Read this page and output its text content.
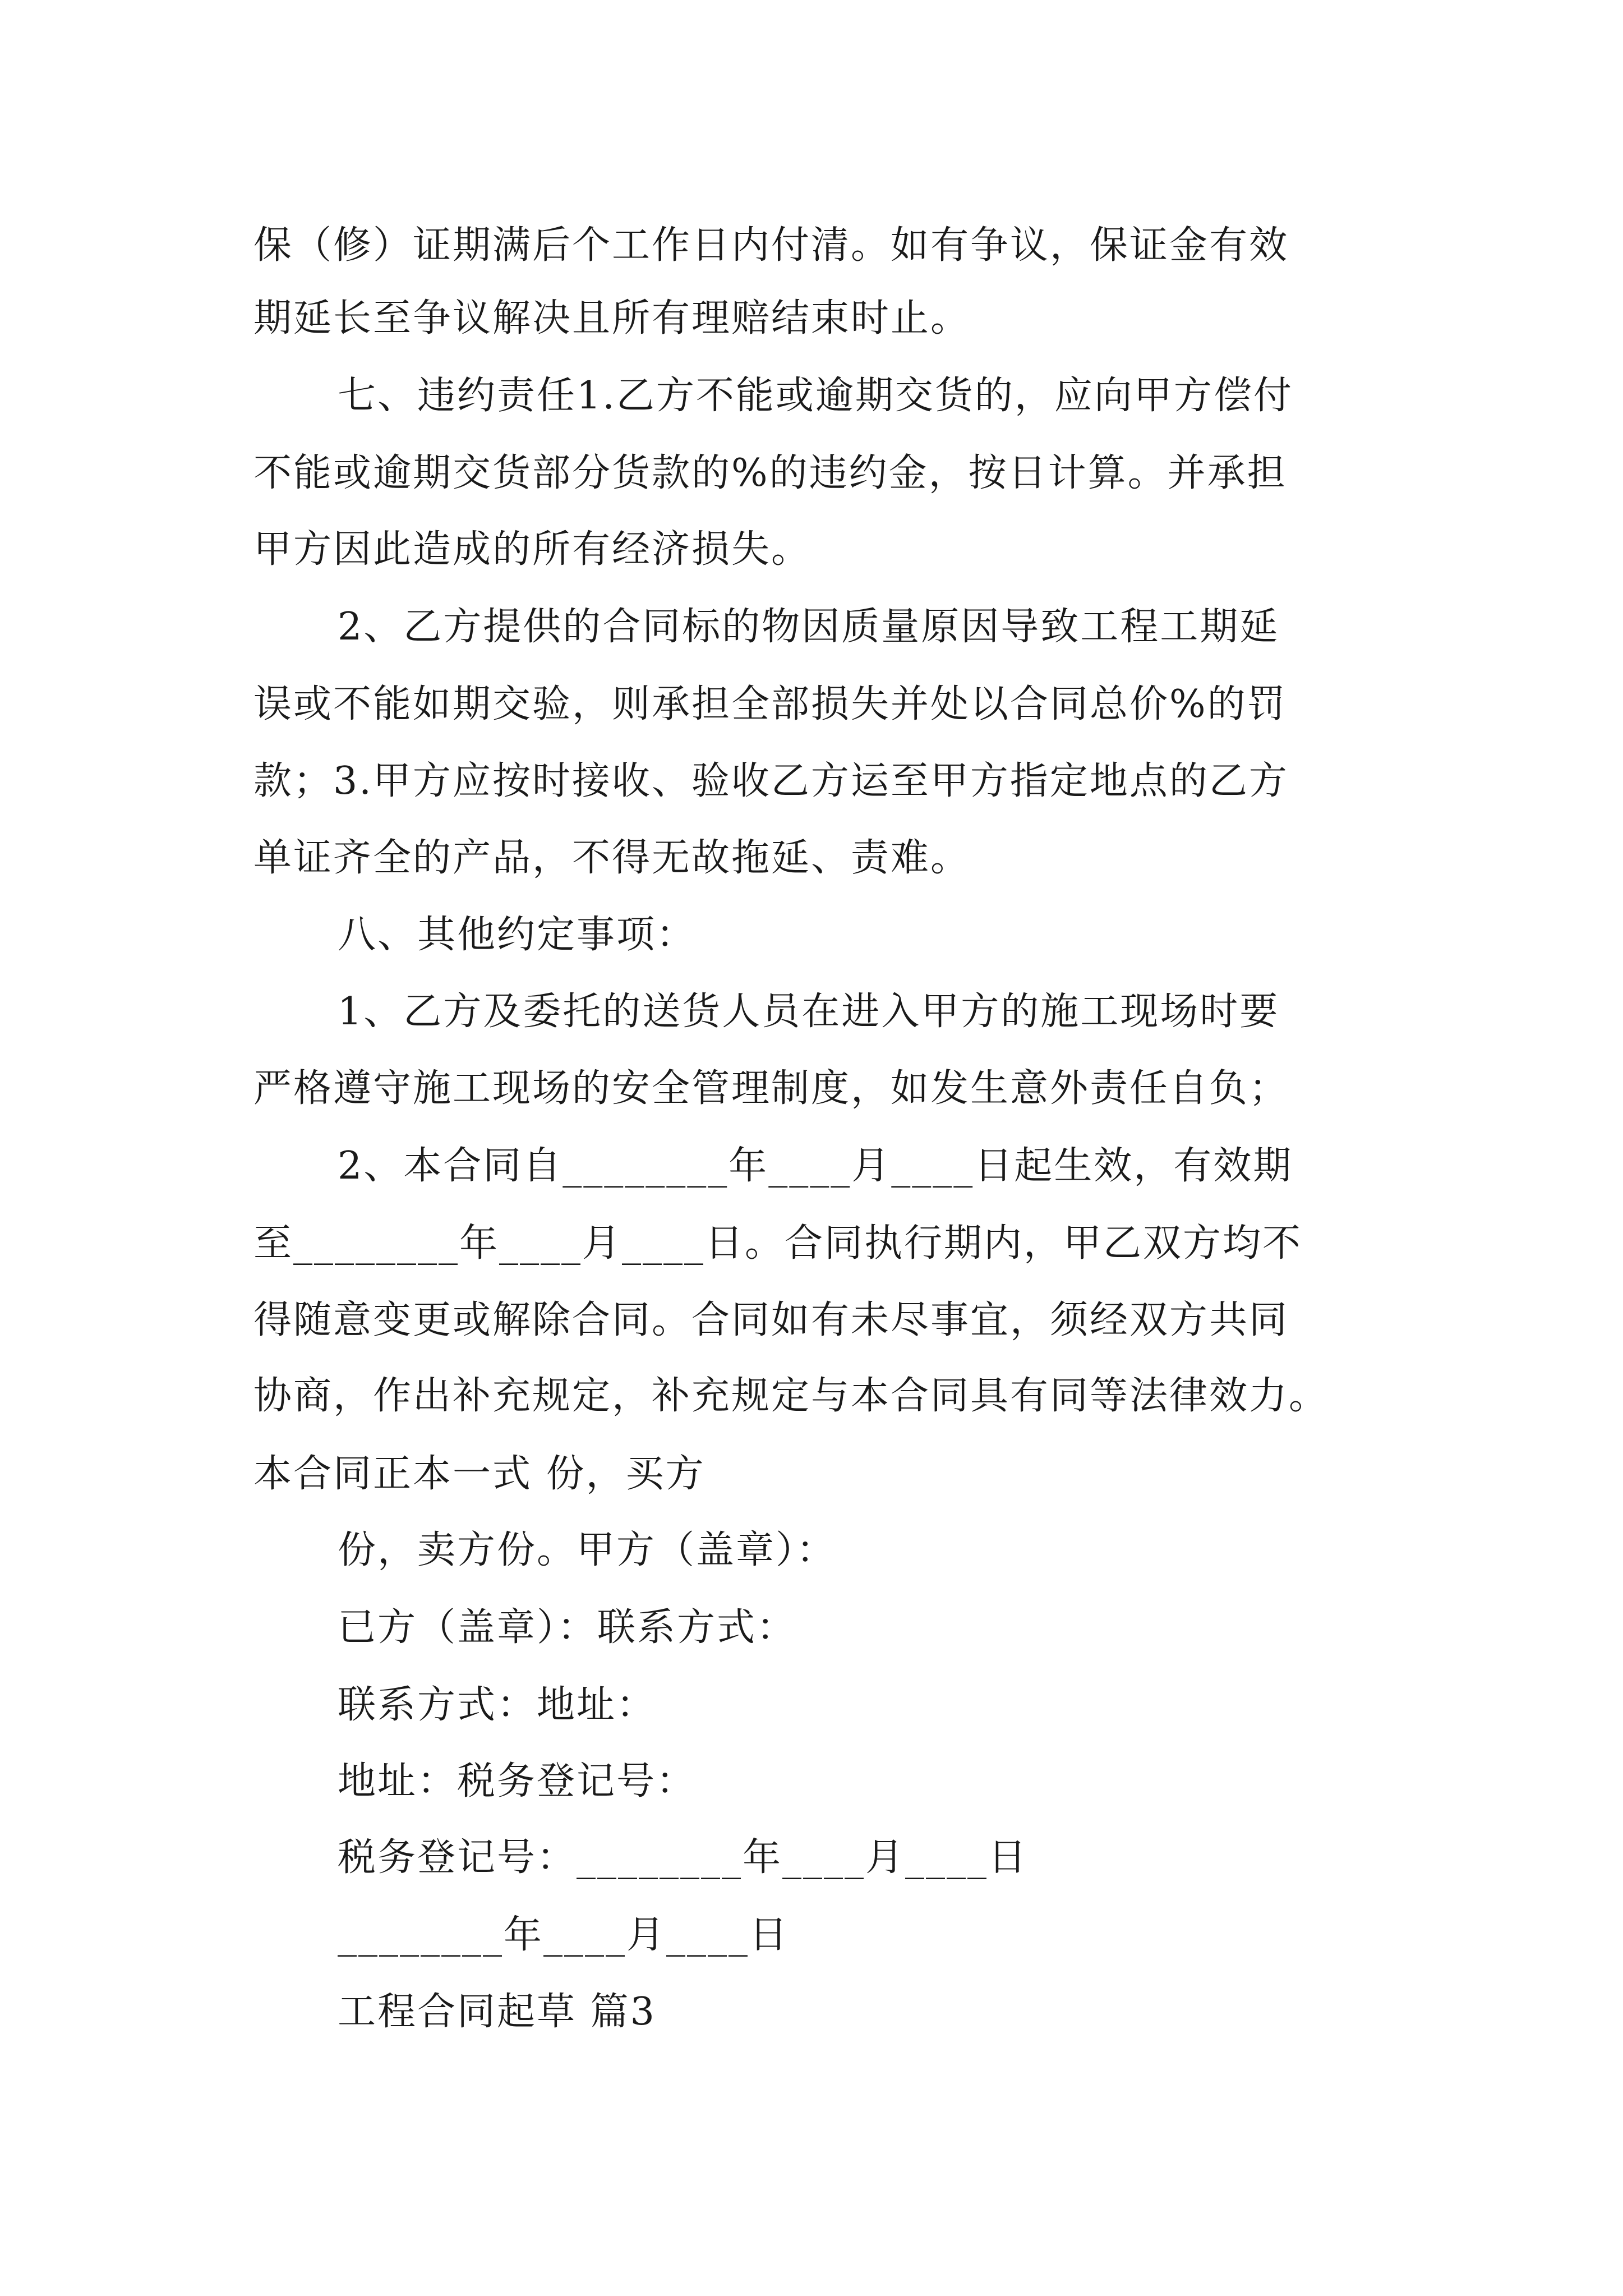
保（修）证期满后个工作日内付清。如有争议，保证金有效
期延长至争议解决且所有理赔结束时止。
七、违约责任1.乙方不能或逾期交货的，应向甲方偿付
不能或逾期交货部分货款的%的违约金，按日计算。并承担
甲方因此造成的所有经济损失。
2、乙方提供的合同标的物因质量原因导致工程工期延
误或不能如期交验，则承担全部损失并处以合同总价%的罚
款；3.甲方应按时接收、验收乙方运至甲方指定地点的乙方
单证齐全的产品，不得无故拖延、责难。
八、其他约定事项：
1、乙方及委托的送货人员在进入甲方的施工现场时要
严格遵守施工现场的安全管理制度，如发生意外责任自负；
2、本合同自________年____月____日起生效，有效期
至________年____月____日。合同执行期内，甲乙双方均不
得随意变更或解除合同。合同如有未尽事宜，须经双方共同
协商，作出补充规定，补充规定与本合同具有同等法律效力。
本合同正本一式 份，买方
份，卖方份。甲方（盖章）：
已方（盖章）：联系方式：
联系方式：地址：
地址：税务登记号：
税务登记号：________年____月____日
________年____月____日
工程合同起草 篇3
